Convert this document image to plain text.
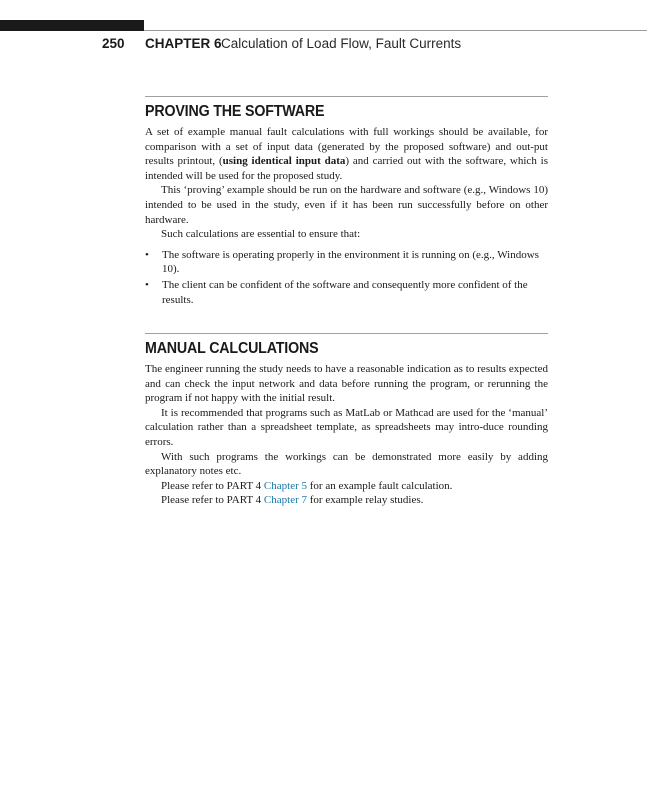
250 CHAPTER 6 Calculation of Load Flow, Fault Currents
PROVING THE SOFTWARE

A set of example manual fault calculations with full workings should be available, for comparison with a set of input data (generated by the proposed software) and out-put results printout, (using identical input data) and carried out with the software, which is intended will be used for the proposed study.

This ‘proving’ example should be run on the hardware and software (e.g., Windows 10) intended to be used in the study, even if it has been run successfully before on other hardware.

Such calculations are essential to ensure that:

• The software is operating properly in the environment it is running on (e.g., Windows 10).
• The client can be confident of the software and consequently more confident of the results.
MANUAL CALCULATIONS

The engineer running the study needs to have a reasonable indication as to results expected and can check the input network and data before running the program, or rerunning the program if not happy with the initial result.

It is recommended that programs such as MatLab or Mathcad are used for the ‘manual’ calculation rather than a spreadsheet template, as spreadsheets may intro-duce rounding errors.

With such programs the workings can be demonstrated more easily by adding explanatory notes etc.

Please refer to PART 4 Chapter 5 for an example fault calculation.

Please refer to PART 4 Chapter 7 for example relay studies.
